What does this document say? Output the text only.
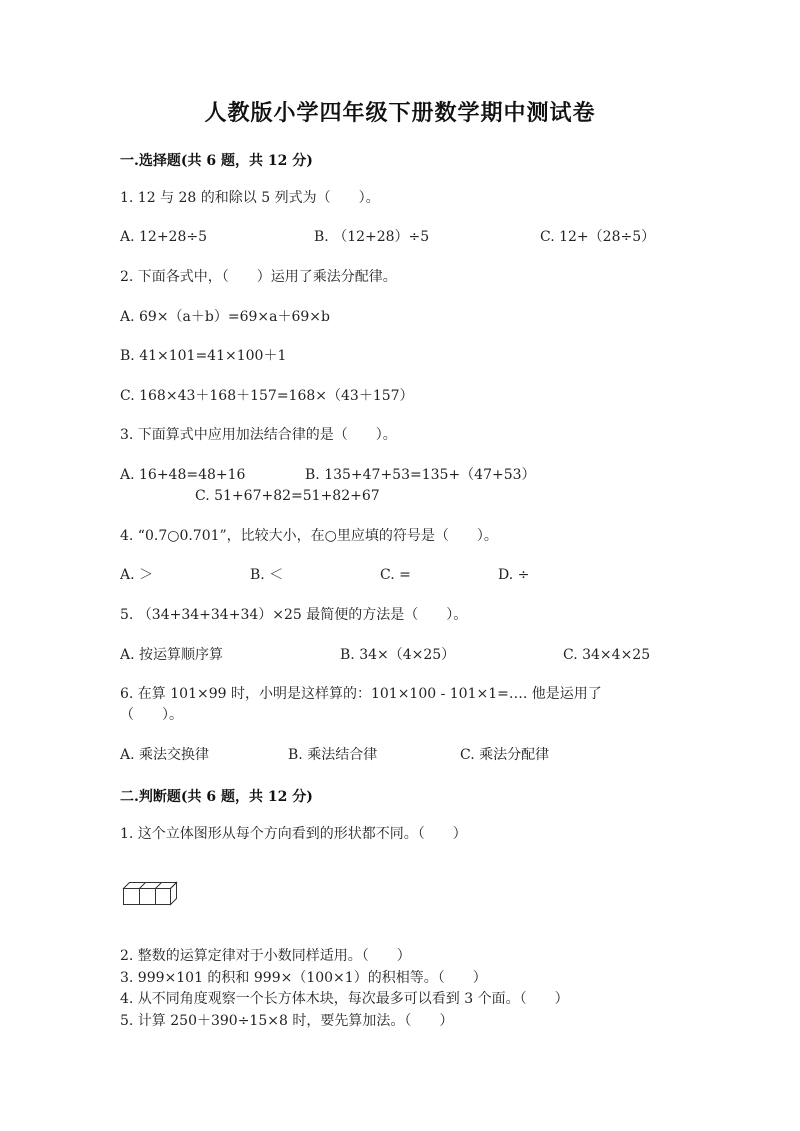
人教版小学四年级下册数学期中测试卷
一.选择题(共 6 题，共 12 分)
1. 12 与 28 的和除以 5 列式为（　　）。
A. 12+28÷5	B. （12+28）÷5	C. 12+（28÷5）
2. 下面各式中，（　　）运用了乘法分配律。
A. 69×（a＋b）=69×a＋69×b
B. 41×101=41×100＋1
C. 168×43＋168＋157=168×（43＋157）
3. 下面算式中应用加法结合律的是（　　）。
A. 16+48=48+16	B. 135+47+53=135+（47+53）
C. 51+67+82=51+82+67
4. “0.7○0.701”，比较大小，在○里应填的符号是（　　）。
A. ＞	B. ＜	C. =	D. ÷
5. （34+34+34+34）×25 最简便的方法是（　　）。
A. 按运算顺序算	B. 34×（4×25）	C. 34×4×25
6. 在算 101×99 时，小明是这样算的：101×100 - 101×1=…. 他是运用了
（　　）。
A. 乘法交换律	B. 乘法结合律	C. 乘法分配律
二.判断题(共 6 题，共 12 分)
1. 这个立体图形从每个方向看到的形状都不同。（　　）
2. 整数的运算定律对于小数同样适用。（　　）
3. 999×101 的积和 999×（100×1）的积相等。（　　）
4. 从不同角度观察一个长方体木块，每次最多可以看到 3 个面。（　　）
5. 计算 250＋390÷15×8 时，要先算加法。（　　）
